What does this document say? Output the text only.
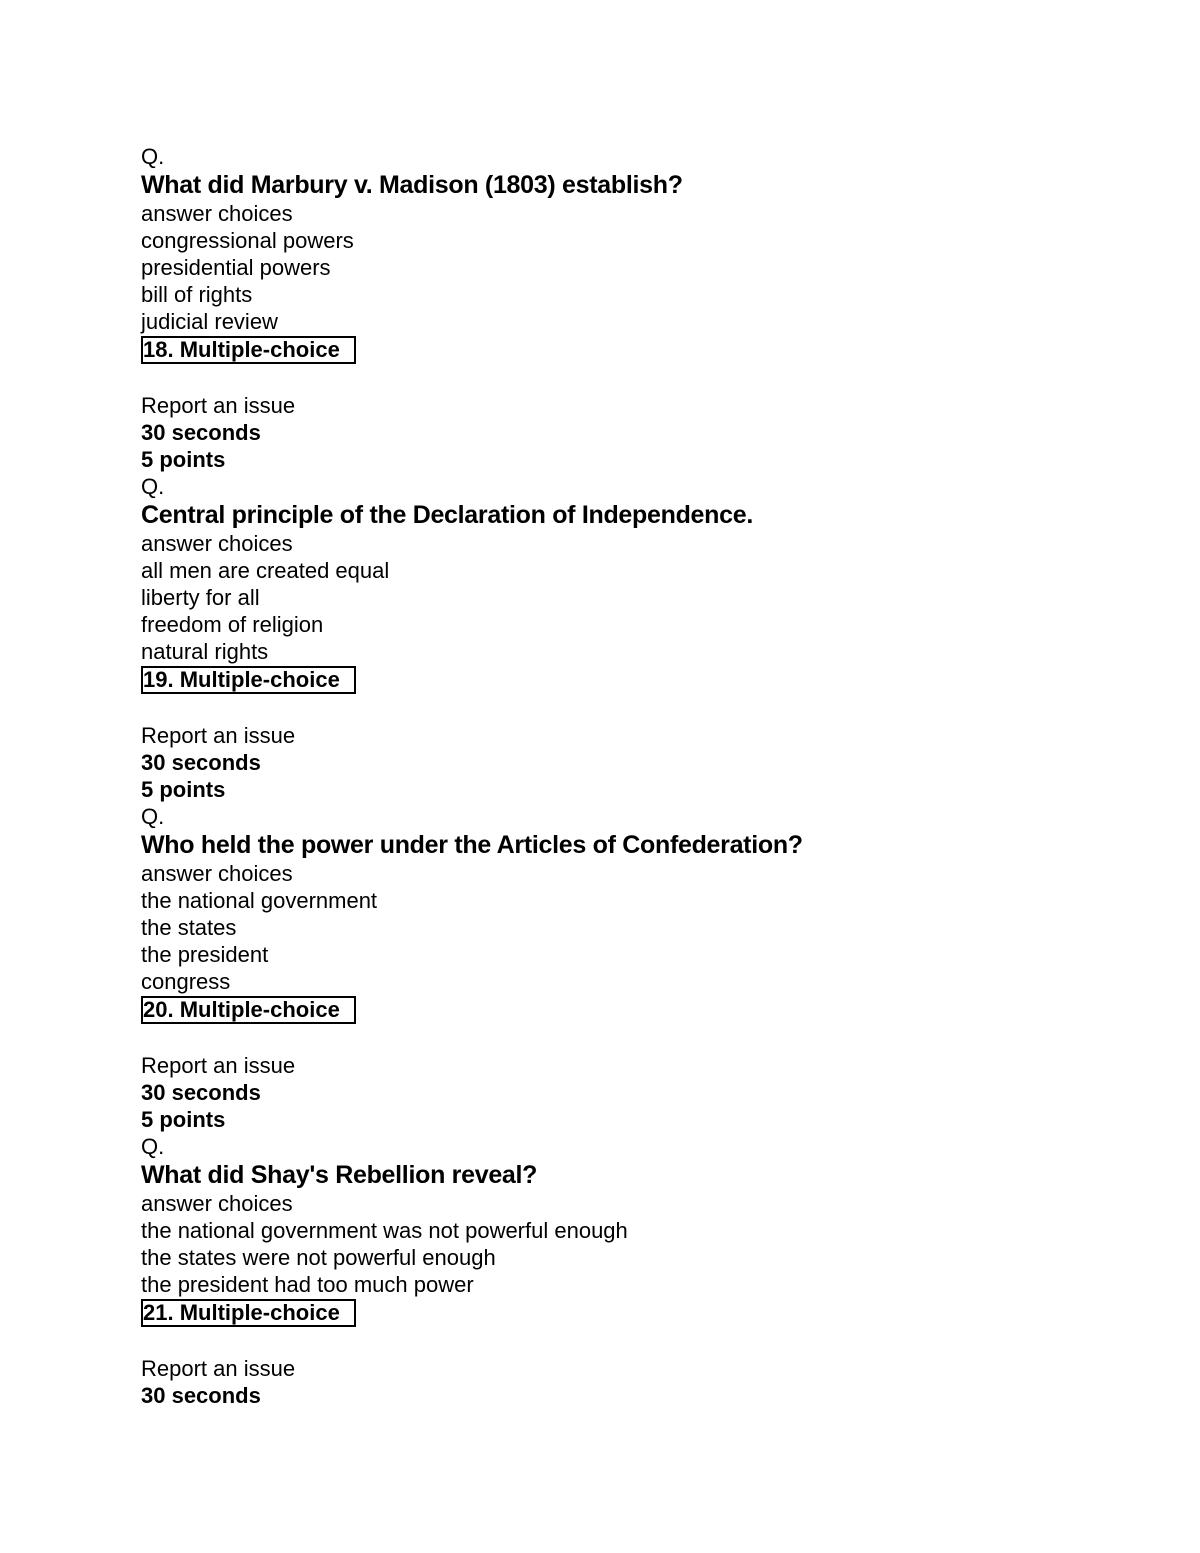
Q.
What did Marbury v. Madison (1803) establish?
answer choices
congressional powers
presidential powers
bill of rights
judicial review
18. Multiple-choice
Report an issue
30 seconds
5 points
Q.
Central principle of the Declaration of Independence.
answer choices
all men are created equal
liberty for all
freedom of religion
natural rights
19. Multiple-choice
Report an issue
30 seconds
5 points
Q.
Who held the power under the Articles of Confederation?
answer choices
the national government
the states
the president
congress
20. Multiple-choice
Report an issue
30 seconds
5 points
Q.
What did Shay's Rebellion reveal?
answer choices
the national government was not powerful enough
the states were not powerful enough
the president had too much power
21. Multiple-choice
Report an issue
30 seconds
